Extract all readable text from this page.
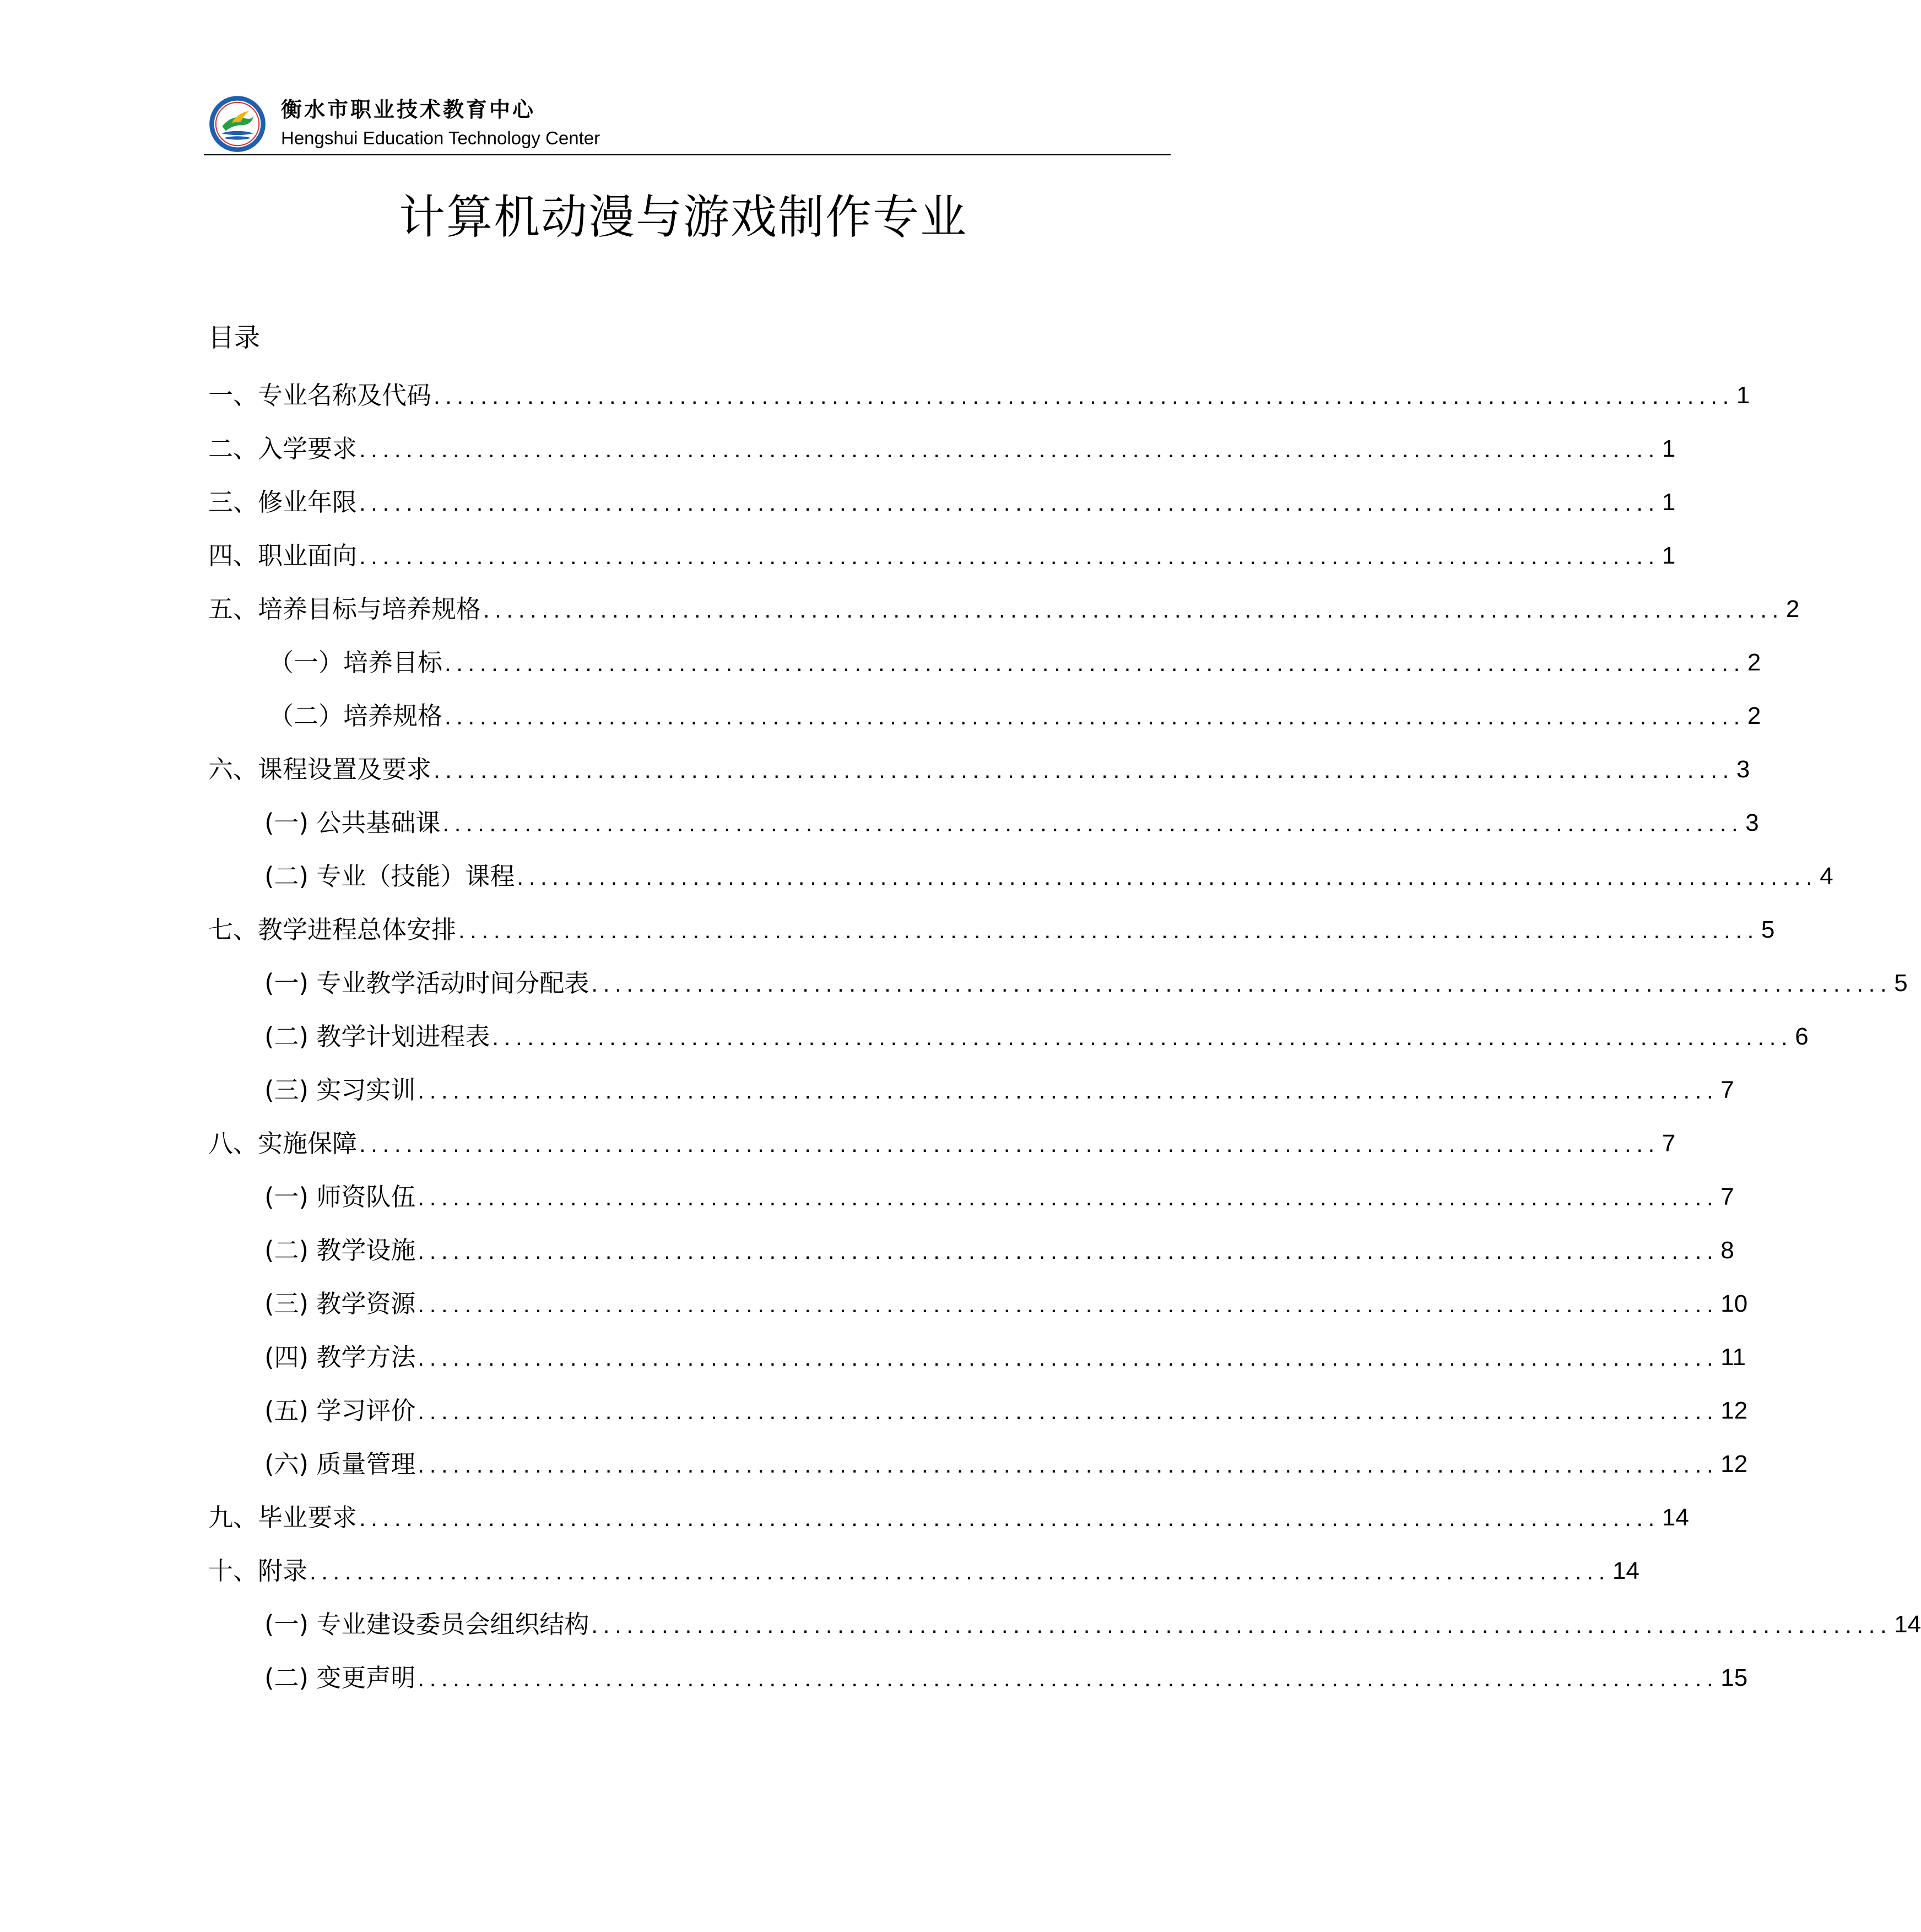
衡水市职业技术教育中心
Hengshui Education Technology Center
计算机动漫与游戏制作专业
目录
一、专业名称及代码 ............................................................................................................... 1
二、入学要求 ............................................................................................................... 1
三、修业年限 ............................................................................................................... 1
四、职业面向 ............................................................................................................... 1
五、培养目标与培养规格 ............................................................................................................... 2
（一）培养目标 ............................................................................................................... 2
（二）培养规格 ............................................................................................................... 2
六、课程设置及要求 ............................................................................................................... 3
(一) 公共基础课 ............................................................................................................... 3
(二) 专业（技能）课程 ............................................................................................................... 4
七、教学进程总体安排 ............................................................................................................... 5
(一) 专业教学活动时间分配表 ............................................................................................................... 5
(二) 教学计划进程表 ............................................................................................................... 6
(三) 实习实训 ............................................................................................................... 7
八、实施保障 ............................................................................................................... 7
(一) 师资队伍 ............................................................................................................... 7
(二) 教学设施 ............................................................................................................... 8
(三) 教学资源 ............................................................................................................... 10
(四) 教学方法 ............................................................................................................... 11
(五) 学习评价 ............................................................................................................... 12
(六) 质量管理 ............................................................................................................... 12
九、毕业要求 ............................................................................................................... 14
十、附录 ............................................................................................................... 14
(一) 专业建设委员会组织结构 ............................................................................................................... 14
(二) 变更声明 ............................................................................................................... 15
